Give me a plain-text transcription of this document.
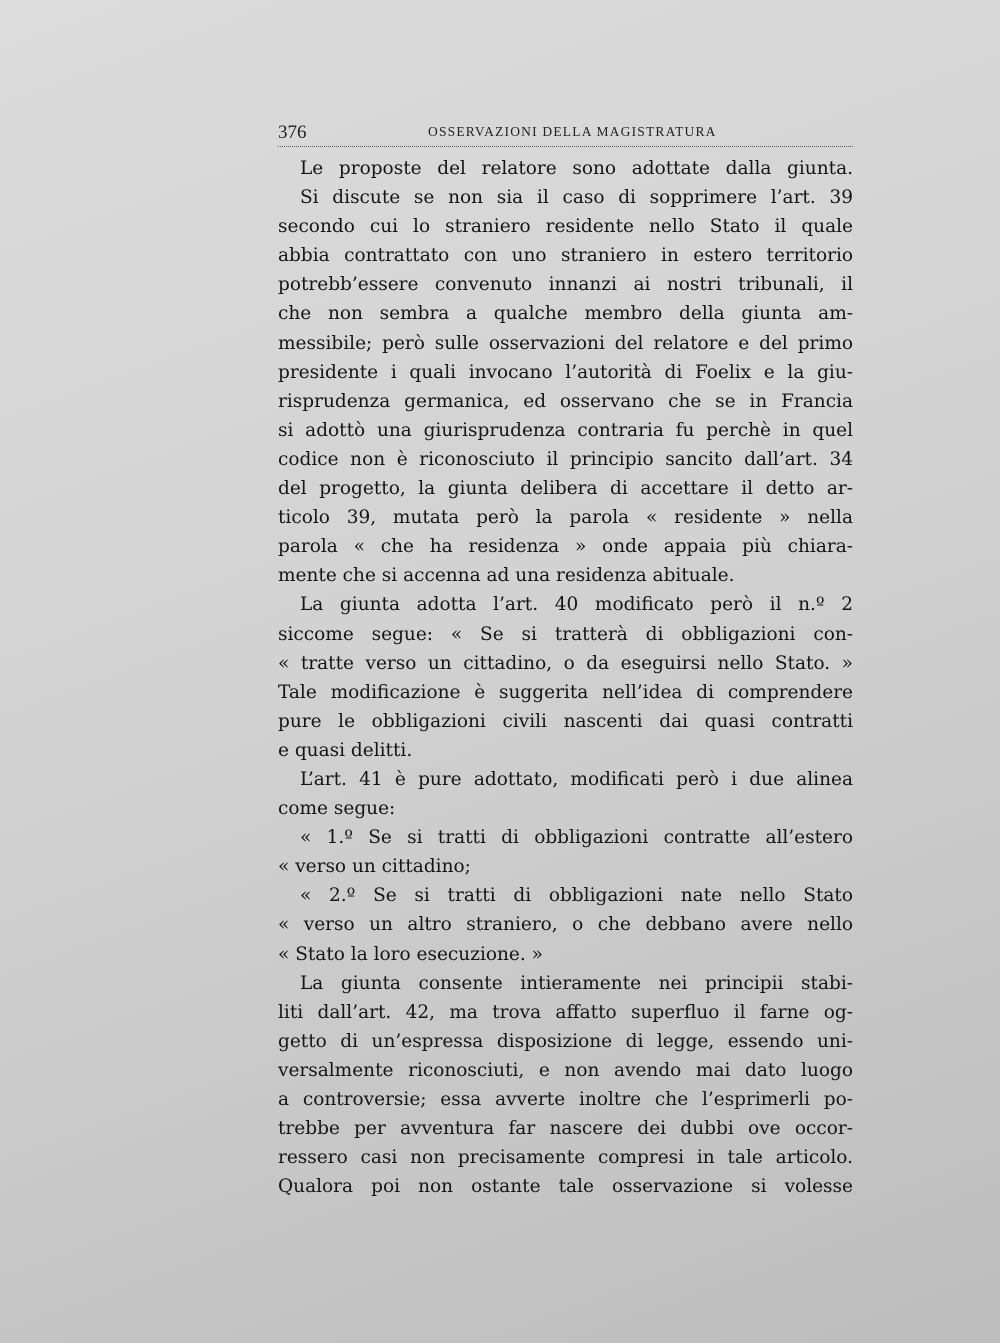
376	OSSERVAZIONI DELLA MAGISTRATURA
Le proposte del relatore sono adottate dalla giunta.
Si discute se non sia il caso di sopprimere l’art. 39
secondo cui lo straniero residente nello Stato il quale
abbia contrattato con uno straniero in estero territorio
potrebb’essere convenuto innanzi ai nostri tribunali, il
che non sembra a qualche membro della giunta am-
messibile; però sulle osservazioni del relatore e del primo
presidente i quali invocano l’autorità di Foelix e la giu-
risprudenza germanica, ed osservano che se in Francia
si adottò una giurisprudenza contraria fu perchè in quel
codice non è riconosciuto il principio sancito dall’art. 34
del progetto, la giunta delibera di accettare il detto ar-
ticolo 39, mutata però la parola « residente » nella
parola « che ha residenza » onde appaia più chiara-
mente che si accenna ad una residenza abituale.
La giunta adotta l’art. 40 modificato però il n.º 2
siccome segue: « Se si tratterà di obbligazioni con-
« tratte verso un cittadino, o da eseguirsi nello Stato. »
Tale modificazione è suggerita nell’idea di comprendere
pure le obbligazioni civili nascenti dai quasi contratti
e quasi delitti.
L’art. 41 è pure adottato, modificati però i due alinea
come segue:
« 1.º Se si tratti di obbligazioni contratte all’estero
« verso un cittadino;
« 2.º Se si tratti di obbligazioni nate nello Stato
« verso un altro straniero, o che debbano avere nello
« Stato la loro esecuzione. »
La giunta consente intieramente nei principii stabi-
liti dall’art. 42, ma trova affatto superfluo il farne og-
getto di un’espressa disposizione di legge, essendo uni-
versalmente riconosciuti, e non avendo mai dato luogo
a controversie; essa avverte inoltre che l’esprimerli po-
trebbe per avventura far nascere dei dubbi ove occor-
ressero casi non precisamente compresi in tale articolo.
Qualora poi non ostante tale osservazione si volesse
